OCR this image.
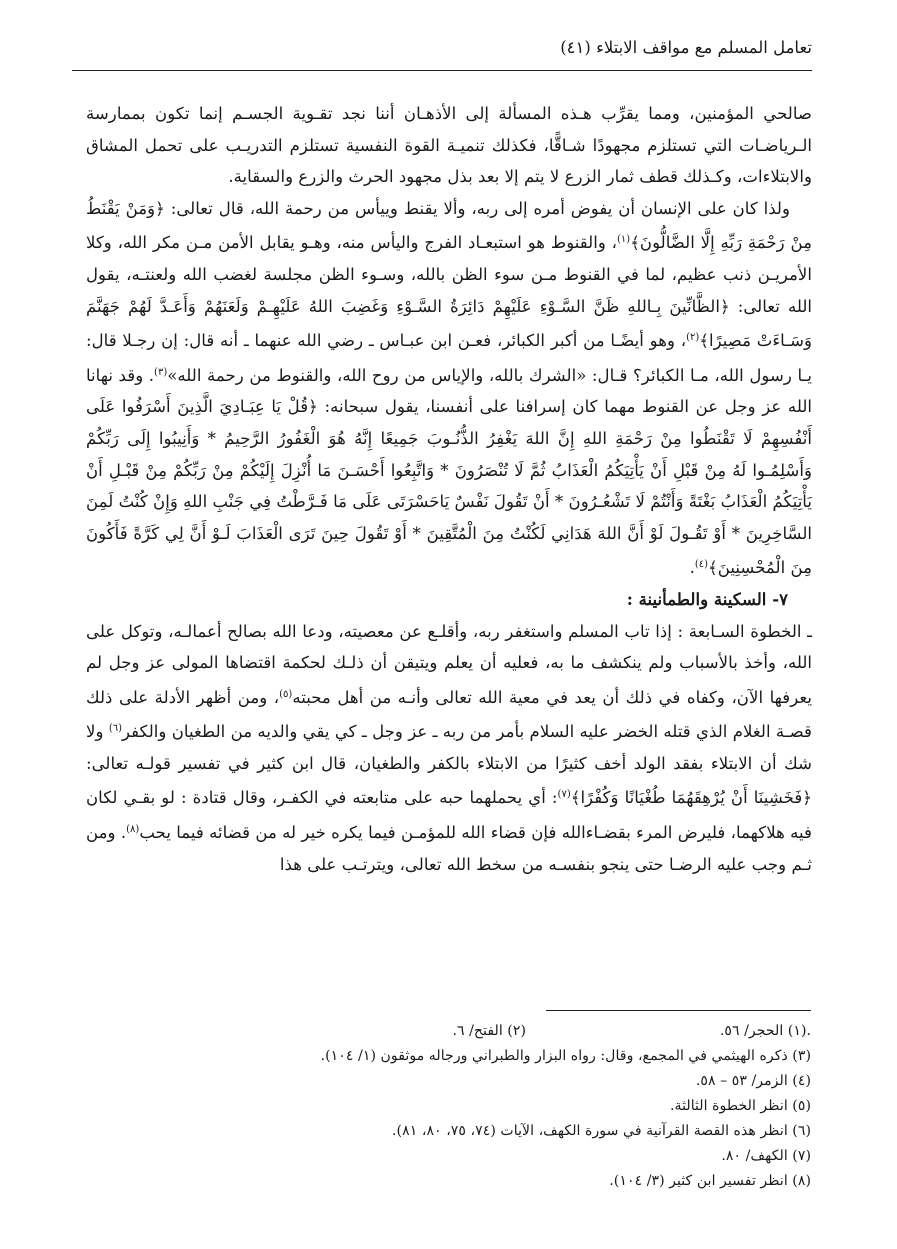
تعامل المسلم مع مواقف الابتلاء (٤١)

صالحي المؤمنين، ومما يقرِّب هـذه المسألة إلى الأذهـان أننا نجد تقـوية الجسـم إنما تكون بممارسة الـرياضـات التي تستلزم مجهودًا شـاقًّا، فكذلك تنميـة القوة النفسية تستلزم التدريـب على تحمل المشاق والابتلاءات، وكـذلك قطف ثمار الزرع لا يتم إلا بعد بذل مجهود الحرث والزرع والسقاية.

ولذا كان على الإنسان أن يفوض أمره إلى ربه، وألا يقنط وييأس من رحمة الله، قال تعالى: ﴿وَمَنْ يَقْنَطُ مِنْ رَحْمَةِ رَبِّهِ إِلَّا الضَّالُّونَ﴾$^{(١)}$، والقنوط هو استبعـاد الفرج واليأس منه، وهـو يقابل الأمن مـن مكر الله، وكلا الأمريـن ذنب عظيم، لما في القنوط مـن سوء الظن بالله، وسـوء الظن مجلسة لغضب الله ولعنتـه، يقول الله تعالى: ﴿الظَّانِّينَ بِـاللهِ ظَنَّ السَّـوْءِ عَلَيْهِمْ دَائِرَةُ السَّـوْءِ وَغَضِبَ اللهُ عَلَيْهِـمْ وَلَعَنَهُمْ وَأَعَـدَّ لَهُمْ جَهَنَّمَ وَسَـاءَتْ مَصِيرًا﴾$^{(٢)}$، وهو أيضًـا من أكبر الكبائر، فعـن ابن عبـاس ـ رضي الله عنهما ـ أنه قال: إن رجـلا قال: يـا رسول الله، مـا الكبائر؟ قـال: «الشرك بالله، والإياس من روح الله، والقنوط من رحمة الله»$^{(٣)}$. وقد نهانا الله عز وجل عن القنوط مهما كان إسرافنا على أنفسنا، يقول سبحانه: ﴿قُلْ يَا عِبَـادِيَ الَّذِينَ أَسْرَفُوا عَلَى أَنْفُسِهِمْ لَا تَقْنَطُوا مِنْ رَحْمَةِ اللهِ إِنَّ اللهَ يَغْفِرُ الذُّنُـوبَ جَمِيعًا إِنَّهُ هُوَ الْغَفُورُ الرَّحِيمُ * وَأَنِيبُوا إِلَى رَبِّكُمْ وَأَسْلِمُـوا لَهُ مِنْ قَبْلِ أَنْ يَأْتِيَكُمُ الْعَذَابُ ثُمَّ لَا تُنْصَرُونَ * وَاتَّبِعُوا أَحْسَـنَ مَا أُنْزِلَ إِلَيْكُمْ مِنْ رَبِّكُمْ مِنْ قَبْـلِ أَنْ يَأْتِيَكُمُ الْعَذَابُ بَغْتَةً وَأَنْتُمْ لَا تَشْعُـرُونَ * أَنْ تَقُولَ نَفْسٌ يَاحَسْرَتَى عَلَى مَا فَـرَّطْتُ فِي جَنْبِ اللهِ وَإِنْ كُنْتُ لَمِنَ السَّاخِرِينَ * أَوْ تَقُـولَ لَوْ أَنَّ اللهَ هَدَانِي لَكُنْتُ مِنَ الْمُتَّقِينَ * أَوْ تَقُولَ حِينَ تَرَى الْعَذَابَ لَـوْ أَنَّ لِي كَرَّةً فَأَكُونَ مِنَ الْمُحْسِنِينَ﴾$^{(٤)}$.

٧- السكينة والطمأنينة :

ـ الخطوة السـابعة : إذا تاب المسلم واستغفر ربه، وأقلـع عن معصيته، ودعا الله بصالح أعمالـه، وتوكل على الله، وأخذ بالأسباب ولم ينكشف ما به، فعليه أن يعلم ويتيقن أن ذلـك لحكمة اقتضاها المولى عز وجل لم يعرفها الآن، وكفاه في ذلك أن يعد في معية الله تعالى وأنـه من أهل محبته$^{(٥)}$، ومن أظهر الأدلة على ذلك قصـة الغلام الذي قتله الخضر عليه السلام بأمر من ربه ـ عز وجل ـ كي يقي والديه من الطغيان والكفر$^{(٦)}$ ولا شك أن الابتلاء بفقد الولد أخف كثيرًا من الابتلاء بالكفر والطغيان، قال ابن كثير في تفسير قولـه تعالى: ﴿فَخَشِينَا أَنْ يُرْهِقَهُمَا طُغْيَانًا وَكُفْرًا﴾$^{(٧)}$: أي يحملهما حبه على متابعته في الكفـر، وقال قتادة : لو بقـي لكان فيه هلاكهما، فليرض المرء بقضـاءالله فإن قضاء الله للمؤمـن فيما يكره خير له من قضائه فيما يحب$^{(٨)}$. ومن ثـم وجب عليه الرضـا حتى ينجو بنفسـه من سخط الله تعالى، ويترتـب على هذا

.(١) الحجر/ ٥٦.
(٢) الفتح/ ٦.
(٣) ذكره الهيثمي في المجمع، وقال: رواه البزار والطبراني ورجاله موثقون (١/ ١٠٤).
(٤) الزمر/ ٥٣ – ٥٨.
(٥) انظر الخطوة الثالثة.
(٦) انظر هذه القصة القرآنية في سورة الكهف، الآيات (٧٤، ٧٥، ٨٠، ٨١).
(٧) الكهف/ ٨٠.
(٨) انظر تفسير ابن كثير (٣/ ١٠٤).
